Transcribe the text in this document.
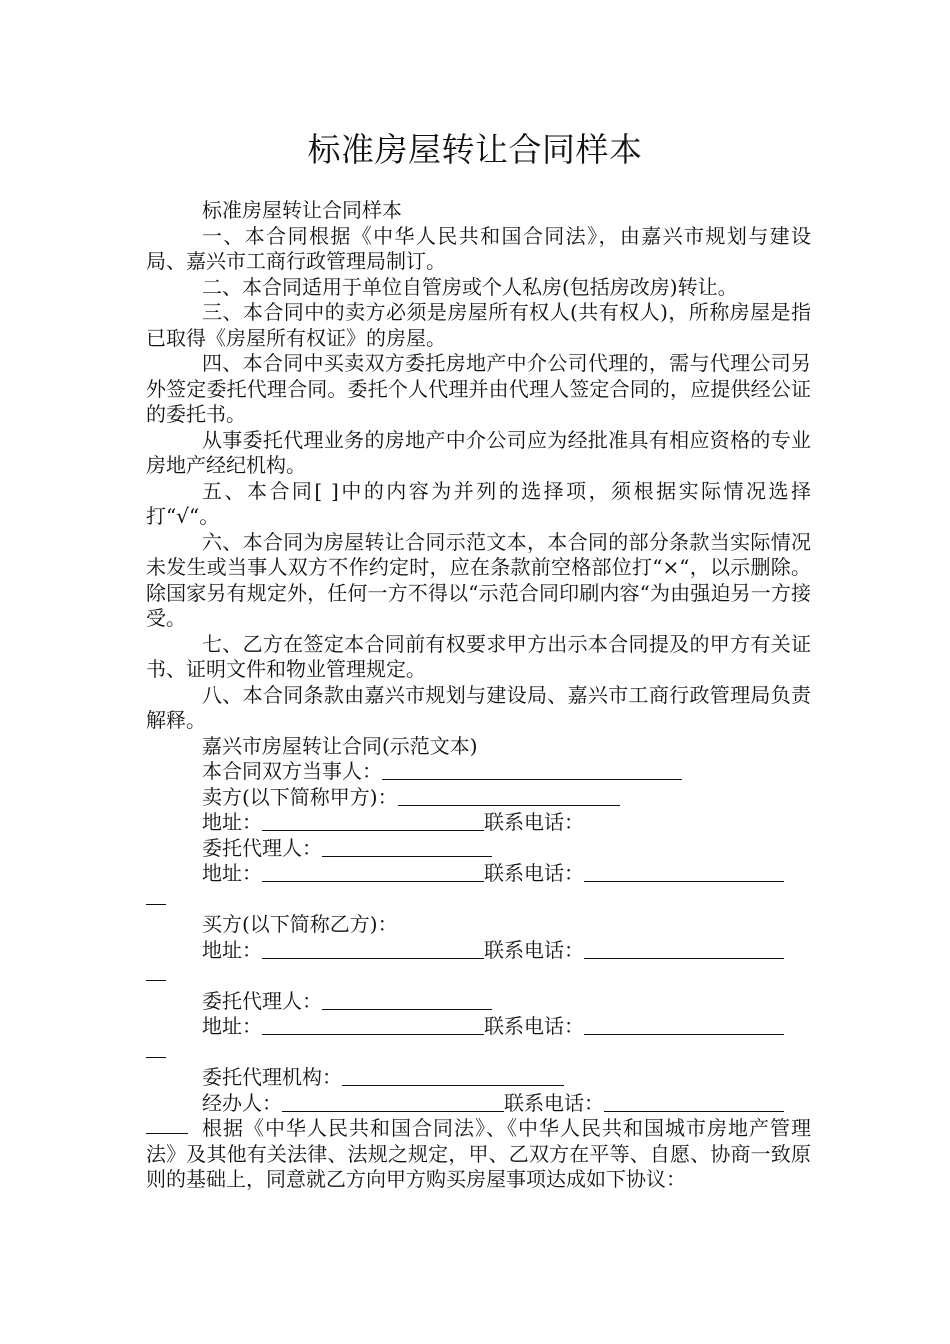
标准房屋转让合同样本

标准房屋转让合同样本

一、本合同根据《中华人民共和国合同法》，由嘉兴市规划与建设局、嘉兴市工商行政管理局制订。

二、本合同适用于单位自管房或个人私房(包括房改房)转让。

三、本合同中的卖方必须是房屋所有权人(共有权人)，所称房屋是指已取得《房屋所有权证》的房屋。

四、本合同中买卖双方委托房地产中介公司代理的，需与代理公司另外签定委托代理合同。委托个人代理并由代理人签定合同的，应提供经公证的委托书。

从事委托代理业务的房地产中介公司应为经批准具有相应资格的专业房地产经纪机构。

五、本合同[ ]中的内容为并列的选择项，须根据实际情况选择打“√“。

六、本合同为房屋转让合同示范文本，本合同的部分条款当实际情况未发生或当事人双方不作约定时，应在条款前空格部位打“×“，以示删除。除国家另有规定外，任何一方不得以“示范合同印刷内容“为由强迫另一方接受。

七、乙方在签定本合同前有权要求甲方出示本合同提及的甲方有关证书、证明文件和物业管理规定。

八、本合同条款由嘉兴市规划与建设局、嘉兴市工商行政管理局负责解释。

嘉兴市房屋转让合同(示范文本)

本合同双方当事人：
卖方(以下简称甲方)：
地址：	联系电话：
委托代理人：
地址：	联系电话：
买方(以下简称乙方)：
地址：	联系电话：
委托代理人：
地址：	联系电话：
委托代理机构：
经办人：	联系电话：

根据《中华人民共和国合同法》、《中华人民共和国城市房地产管理法》及其他有关法律、法规之规定，甲、乙双方在平等、自愿、协商一致原则的基础上，同意就乙方向甲方购买房屋事项达成如下协议：
